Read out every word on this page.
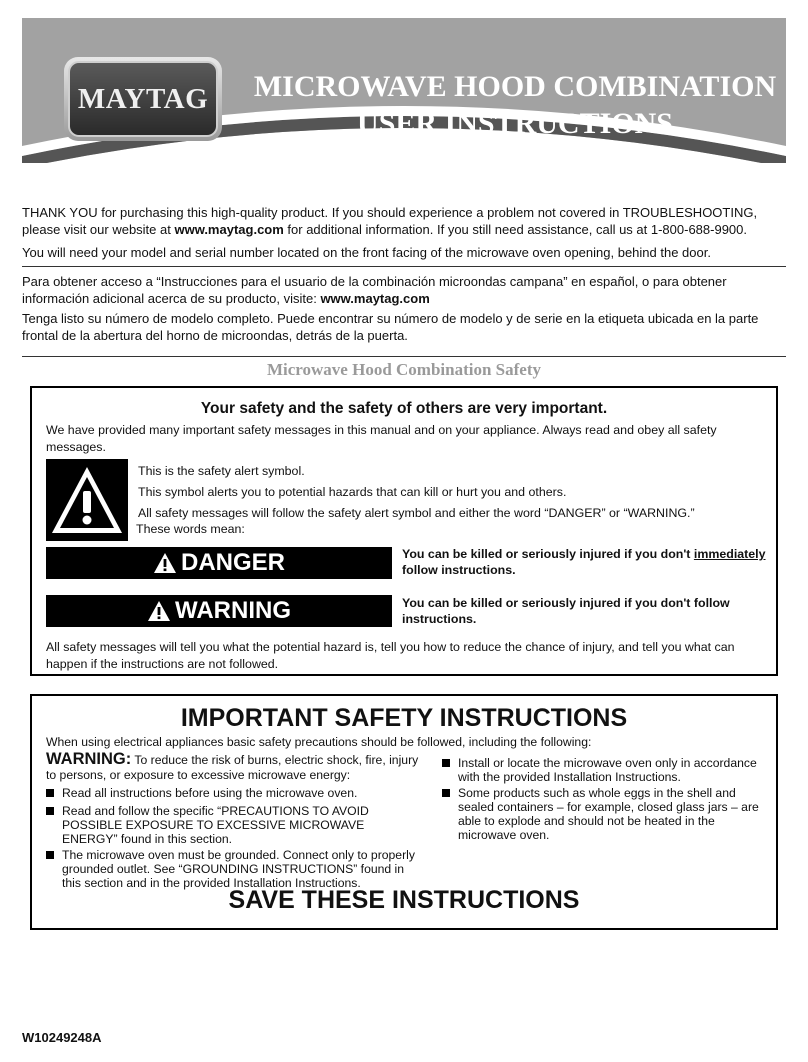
MAYTAG	MICROWAVE HOOD COMBINATION
USER INSTRUCTIONS
THANK YOU for purchasing this high-quality product. If you should experience a problem not covered in TROUBLESHOOTING, please visit our website at www.maytag.com for additional information. If you still need assistance, call us at 1-800-688-9900.
You will need your model and serial number located on the front facing of the microwave oven opening, behind the door.
Para obtener acceso a “Instrucciones para el usuario de la combinación microondas campana” en español, o para obtener información adicional acerca de su producto, visite: www.maytag.com
Tenga listo su número de modelo completo. Puede encontrar su número de modelo y de serie en la etiqueta ubicada en la parte frontal de la abertura del horno de microondas, detrás de la puerta.
Microwave Hood Combination Safety
Your safety and the safety of others are very important.
We have provided many important safety messages in this manual and on your appliance. Always read and obey all safety messages.
This is the safety alert symbol.
This symbol alerts you to potential hazards that can kill or hurt you and others.
All safety messages will follow the safety alert symbol and either the word “DANGER” or “WARNING.”
These words mean:
DANGER	You can be killed or seriously injured if you don't immediately follow instructions.
WARNING	You can be killed or seriously injured if you don't follow instructions.
All safety messages will tell you what the potential hazard is, tell you how to reduce the chance of injury, and tell you what can happen if the instructions are not followed.
IMPORTANT SAFETY INSTRUCTIONS
When using electrical appliances basic safety precautions should be followed, including the following:
WARNING: To reduce the risk of burns, electric shock, fire, injury to persons, or exposure to excessive microwave energy:
Read all instructions before using the microwave oven.
Read and follow the specific “PRECAUTIONS TO AVOID POSSIBLE EXPOSURE TO EXCESSIVE MICROWAVE ENERGY” found in this section.
The microwave oven must be grounded. Connect only to properly grounded outlet. See “GROUNDING INSTRUCTIONS” found in this section and in the provided Installation Instructions.
Install or locate the microwave oven only in accordance with the provided Installation Instructions.
Some products such as whole eggs in the shell and sealed containers – for example, closed glass jars – are able to explode and should not be heated in the microwave oven.
SAVE THESE INSTRUCTIONS
W10249248A
